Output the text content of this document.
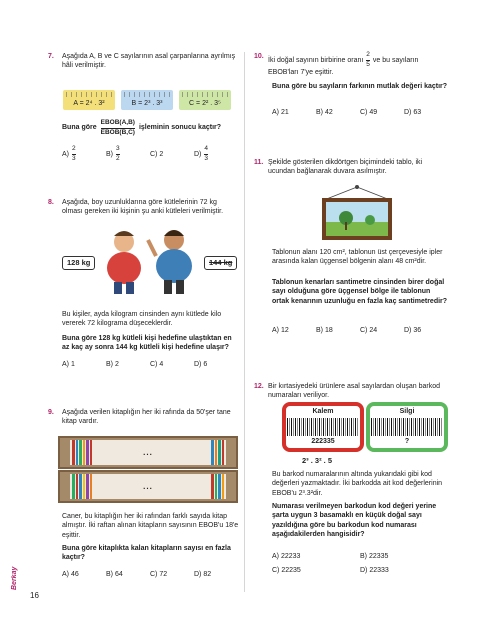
7.	Aşağıda A, B ve C sayılarının asal çarpanlarına ayrılmış hâli verilmiştir.
A = 2⁴ . 3²	B = 2³ . 3³	C = 2² . 3⁵
Buna göre $\frac{\text{EBOB(A,B)}}{\text{EBOB(B,C)}}$ işleminin sonucu kaçtır?
$A) \frac{2}{3}$	$B) \frac{3}{2}$	C) 2	$D) \frac{4}{3}$
8.	Aşağıda, boy uzunluklarına göre kütlelerinin 72 kg olması gereken iki kişinin şu anki kütleleri verilmiştir.
128 kg	144 kg
Bu kişiler, ayda kilogram cinsinden aynı kütlede kilo vererek 72 kilograma düşeceklerdir.
Buna göre 128 kg kütleli kişi hedefine ulaştıktan en az kaç ay sonra 144 kg kütleli kişi hedefine ulaşır?
A) 1	B) 2	C) 4	D) 6
9.	Aşağıda verilen kitaplığın her iki rafında da 50'şer tane kitap vardır.
...
...
Caner, bu kitaplığın her iki rafından farklı sayıda kitap almıştır. İki raftan alınan kitapların sayısının EBOB'u 18'e eşittir.
Buna göre kitaplıkta kalan kitapların sayısı en fazla kaçtır?
A) 46	B) 64	C) 72	D) 82
10.
İki doğal sayının birbirine oranı $\frac{2}{5}$ ve bu sayıların EBOB'ları 7'ye eşittir.
Buna göre bu sayıların farkının mutlak değeri kaçtır?
A) 21	B) 42	C) 49	D) 63
11. Şekilde gösterilen dikdörtgen biçimindeki tablo, iki ucundan bağlanarak duvara asılmıştır.
Tablonun alanı 120 cm², tablonun üst çerçevesiyle ipler arasında kalan üçgensel bölgenin alanı 48 cm²dir.
Tablonun kenarları santimetre cinsinden birer doğal sayı olduğuna göre üçgensel bölge ile tablonun ortak kenarının uzunluğu en fazla kaç santimetredir?
A) 12	B) 18	C) 24	D) 36
12. Bir kırtasiyedeki ürünlere asal sayılardan oluşan barkod numaraları veriliyor.
Kalem
222335
Silgi
?
2³ . 3² . 5
Bu barkod numaralarının altında yukarıdaki gibi kod değerleri yazmaktadır. İki barkodda ait kod değerlerinin EBOB'u 2³.3²dir.
Numarası verilmeyen barkodun kod değeri yerine şarta uygun 3 basamaklı en küçük doğal sayı yazıldığına göre bu barkodun kod numarası aşağıdakilerden hangisidir?
A) 22233	B) 22335
C) 22235	D) 22333
Berkay
16
